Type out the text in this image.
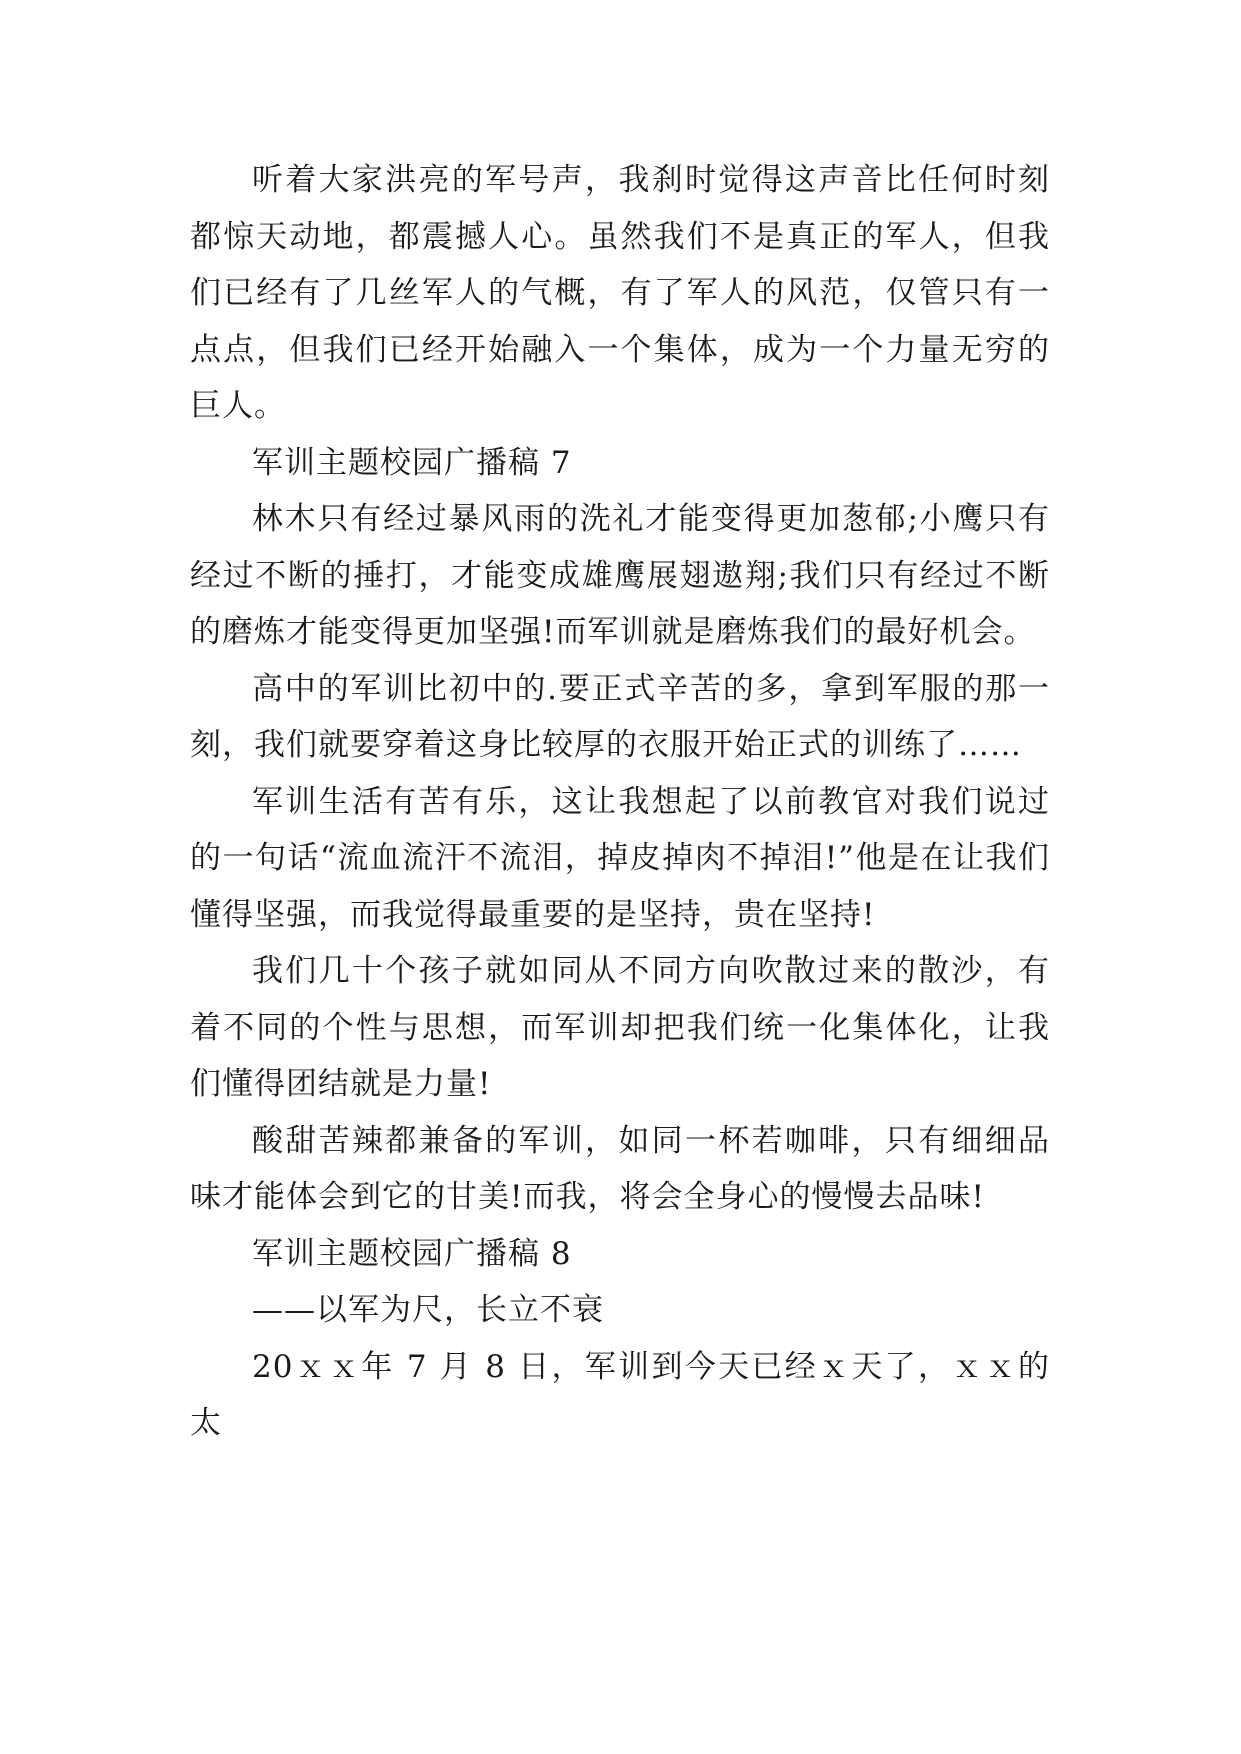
听着大家洪亮的军号声，我刹时觉得这声音比任何时刻都惊天动地，都震撼人心。虽然我们不是真正的军人，但我们已经有了几丝军人的气概，有了军人的风范，仅管只有一点点，但我们已经开始融入一个集体，成为一个力量无穷的巨人。

军训主题校园广播稿 7

林木只有经过暴风雨的洗礼才能变得更加葱郁;小鹰只有经过不断的捶打，才能变成雄鹰展翅遨翔;我们只有经过不断的磨炼才能变得更加坚强!而军训就是磨炼我们的最好机会。

高中的军训比初中的.要正式辛苦的多，拿到军服的那一刻，我们就要穿着这身比较厚的衣服开始正式的训练了……

军训生活有苦有乐，这让我想起了以前教官对我们说过的一句话“流血流汗不流泪，掉皮掉肉不掉泪!”他是在让我们懂得坚强，而我觉得最重要的是坚持，贵在坚持!

我们几十个孩子就如同从不同方向吹散过来的散沙，有着不同的个性与思想，而军训却把我们统一化集体化，让我们懂得团结就是力量!

酸甜苦辣都兼备的军训，如同一杯若咖啡，只有细细品味才能体会到它的甘美!而我，将会全身心的慢慢去品味!

军训主题校园广播稿 8

——以军为尺，长立不衰

20ｘｘ年 7 月 8 日，军训到今天已经ｘ天了，ｘｘ的太
